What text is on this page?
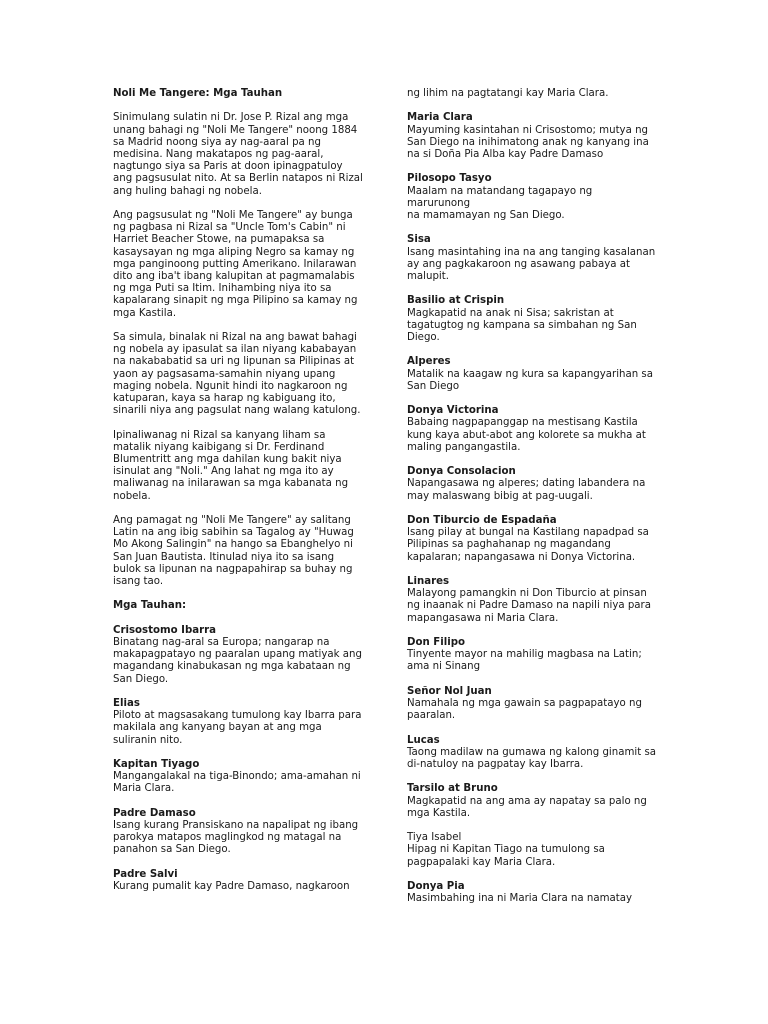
Noli Me Tangere: Mga Tauhan
Sinimulang sulatin ni Dr. Jose P. Rizal ang mga
unang bahagi ng "Noli Me Tangere" noong 1884
sa Madrid noong siya ay nag-aaral pa ng
medisina. Nang makatapos ng pag-aaral,
nagtungo siya sa Paris at doon ipinagpatuloy
ang pagsusulat nito. At sa Berlin natapos ni Rizal
ang huling bahagi ng nobela.
Ang pagsusulat ng "Noli Me Tangere" ay bunga
ng pagbasa ni Rizal sa "Uncle Tom's Cabin" ni
Harriet Beacher Stowe, na pumapaksa sa
kasaysayan ng mga aliping Negro sa kamay ng
mga panginoong putting Amerikano. Inilarawan
dito ang iba't ibang kalupitan at pagmamalabis
ng mga Puti sa Itim. Inihambing niya ito sa
kapalarang sinapit ng mga Pilipino sa kamay ng
mga Kastila.
Sa simula, binalak ni Rizal na ang bawat bahagi
ng nobela ay ipasulat sa ilan niyang kababayan
na nakababatid sa uri ng lipunan sa Pilipinas at
yaon ay pagsasama-samahin niyang upang
maging nobela. Ngunit hindi ito nagkaroon ng
katuparan, kaya sa harap ng kabiguang ito,
sinarili niya ang pagsulat nang walang katulong.
Ipinaliwanag ni Rizal sa kanyang liham sa
matalik niyang kaibigang si Dr. Ferdinand
Blumentritt ang mga dahilan kung bakit niya
isinulat ang "Noli." Ang lahat ng mga ito ay
maliwanag na inilarawan sa mga kabanata ng
nobela.
Ang pamagat ng "Noli Me Tangere" ay salitang
Latin na ang ibig sabihin sa Tagalog ay "Huwag
Mo Akong Salingin" na hango sa Ebanghelyo ni
San Juan Bautista. Itinulad niya ito sa isang
bulok sa lipunan na nagpapahirap sa buhay ng
isang tao.
Mga Tauhan:
Crisostomo Ibarra
Binatang nag-aral sa Europa; nangarap na
makapagpatayo ng paaralan upang matiyak ang
magandang kinabukasan ng mga kabataan ng
San Diego.
Elias
Piloto at magsasakang tumulong kay Ibarra para
makilala ang kanyang bayan at ang mga
suliranin nito.
Kapitan Tiyago
Mangangalakal na tiga-Binondo; ama-amahan ni
Maria Clara.
Padre Damaso
Isang kurang Pransiskano na napalipat ng ibang
parokya matapos maglingkod ng matagal na
panahon sa San Diego.
Padre Salvi
Kurang pumalit kay Padre Damaso, nagkaroon
ng lihim na pagtatangi kay Maria Clara.
Maria Clara
Mayuming kasintahan ni Crisostomo; mutya ng
San Diego na inihimatong anak ng kanyang ina
na si Doña Pia Alba kay Padre Damaso
Pilosopo Tasyo
Maalam na matandang tagapayo ng marurunong
na mamamayan ng San Diego.
Sisa
Isang masintahing ina na ang tanging kasalanan
ay ang pagkakaroon ng asawang pabaya at
malupit.
Basilio at Crispin
Magkapatid na anak ni Sisa; sakristan at
tagatugtog ng kampana sa simbahan ng San
Diego.
Alperes
Matalik na kaagaw ng kura sa kapangyarihan sa
San Diego
Donya Victorina
Babaing nagpapanggap na mestisang Kastila
kung kaya abut-abot ang kolorete sa mukha at
maling pangangastila.
Donya Consolacion
Napangasawa ng alperes; dating labandera na
may malaswang bibig at pag-uugali.
Don Tiburcio de Espadaña
Isang pilay at bungal na Kastilang napadpad sa
Pilipinas sa paghahanap ng magandang
kapalaran; napangasawa ni Donya Victorina.
Linares
Malayong pamangkin ni Don Tiburcio at pinsan
ng inaanak ni Padre Damaso na napili niya para
mapangasawa ni Maria Clara.
Don Filipo
Tinyente mayor na mahilig magbasa na Latin;
ama ni Sinang
Señor Nol Juan
Namahala ng mga gawain sa pagpapatayo ng
paaralan.
Lucas
Taong madilaw na gumawa ng kalong ginamit sa
di-natuloy na pagpatay kay Ibarra.
Tarsilo at Bruno
Magkapatid na ang ama ay napatay sa palo ng
mga Kastila.
Tiya Isabel
Hipag ni Kapitan Tiago na tumulong sa
pagpapalaki kay Maria Clara.
Donya Pia
Masimbahing ina ni Maria Clara na namatay
